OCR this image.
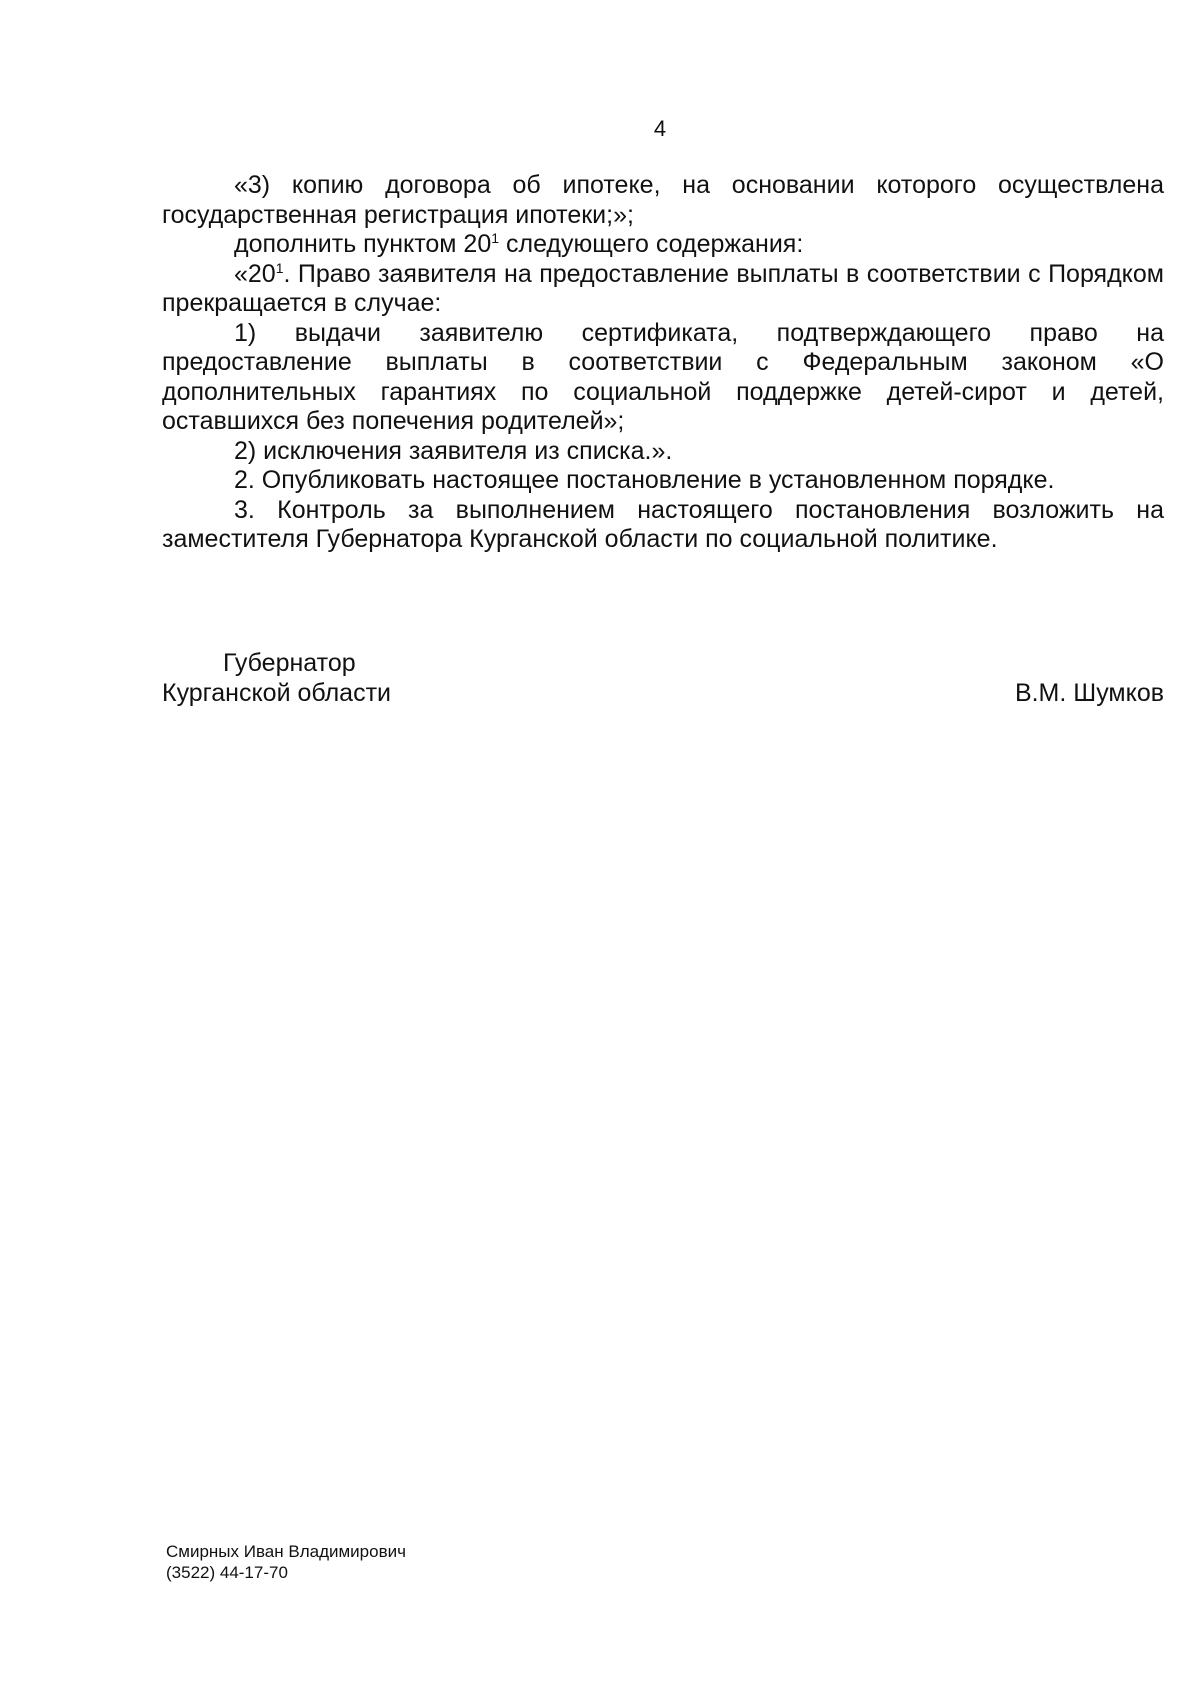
4

«3) копию договора об ипотеке, на основании которого осуществлена государственная регистрация ипотеки;»;

дополнить пунктом $20^1$ следующего содержания:

«$20^1$. Право заявителя на предоставление выплаты в соответствии с Порядком прекращается в случае:

1) выдачи заявителю сертификата, подтверждающего право на предоставление выплаты в соответствии с Федеральным законом «О дополнительных гарантиях по социальной поддержке детей-сирот и детей, оставшихся без попечения родителей»;

2) исключения заявителя из списка.».

2. Опубликовать настоящее постановление в установленном порядке.

3. Контроль за выполнением настоящего постановления возложить на заместителя Губернатора Курганской области по социальной политике.

Губернатор
Курганской области	В.М. Шумков
Смирных Иван Владимирович
(3522) 44-17-70
